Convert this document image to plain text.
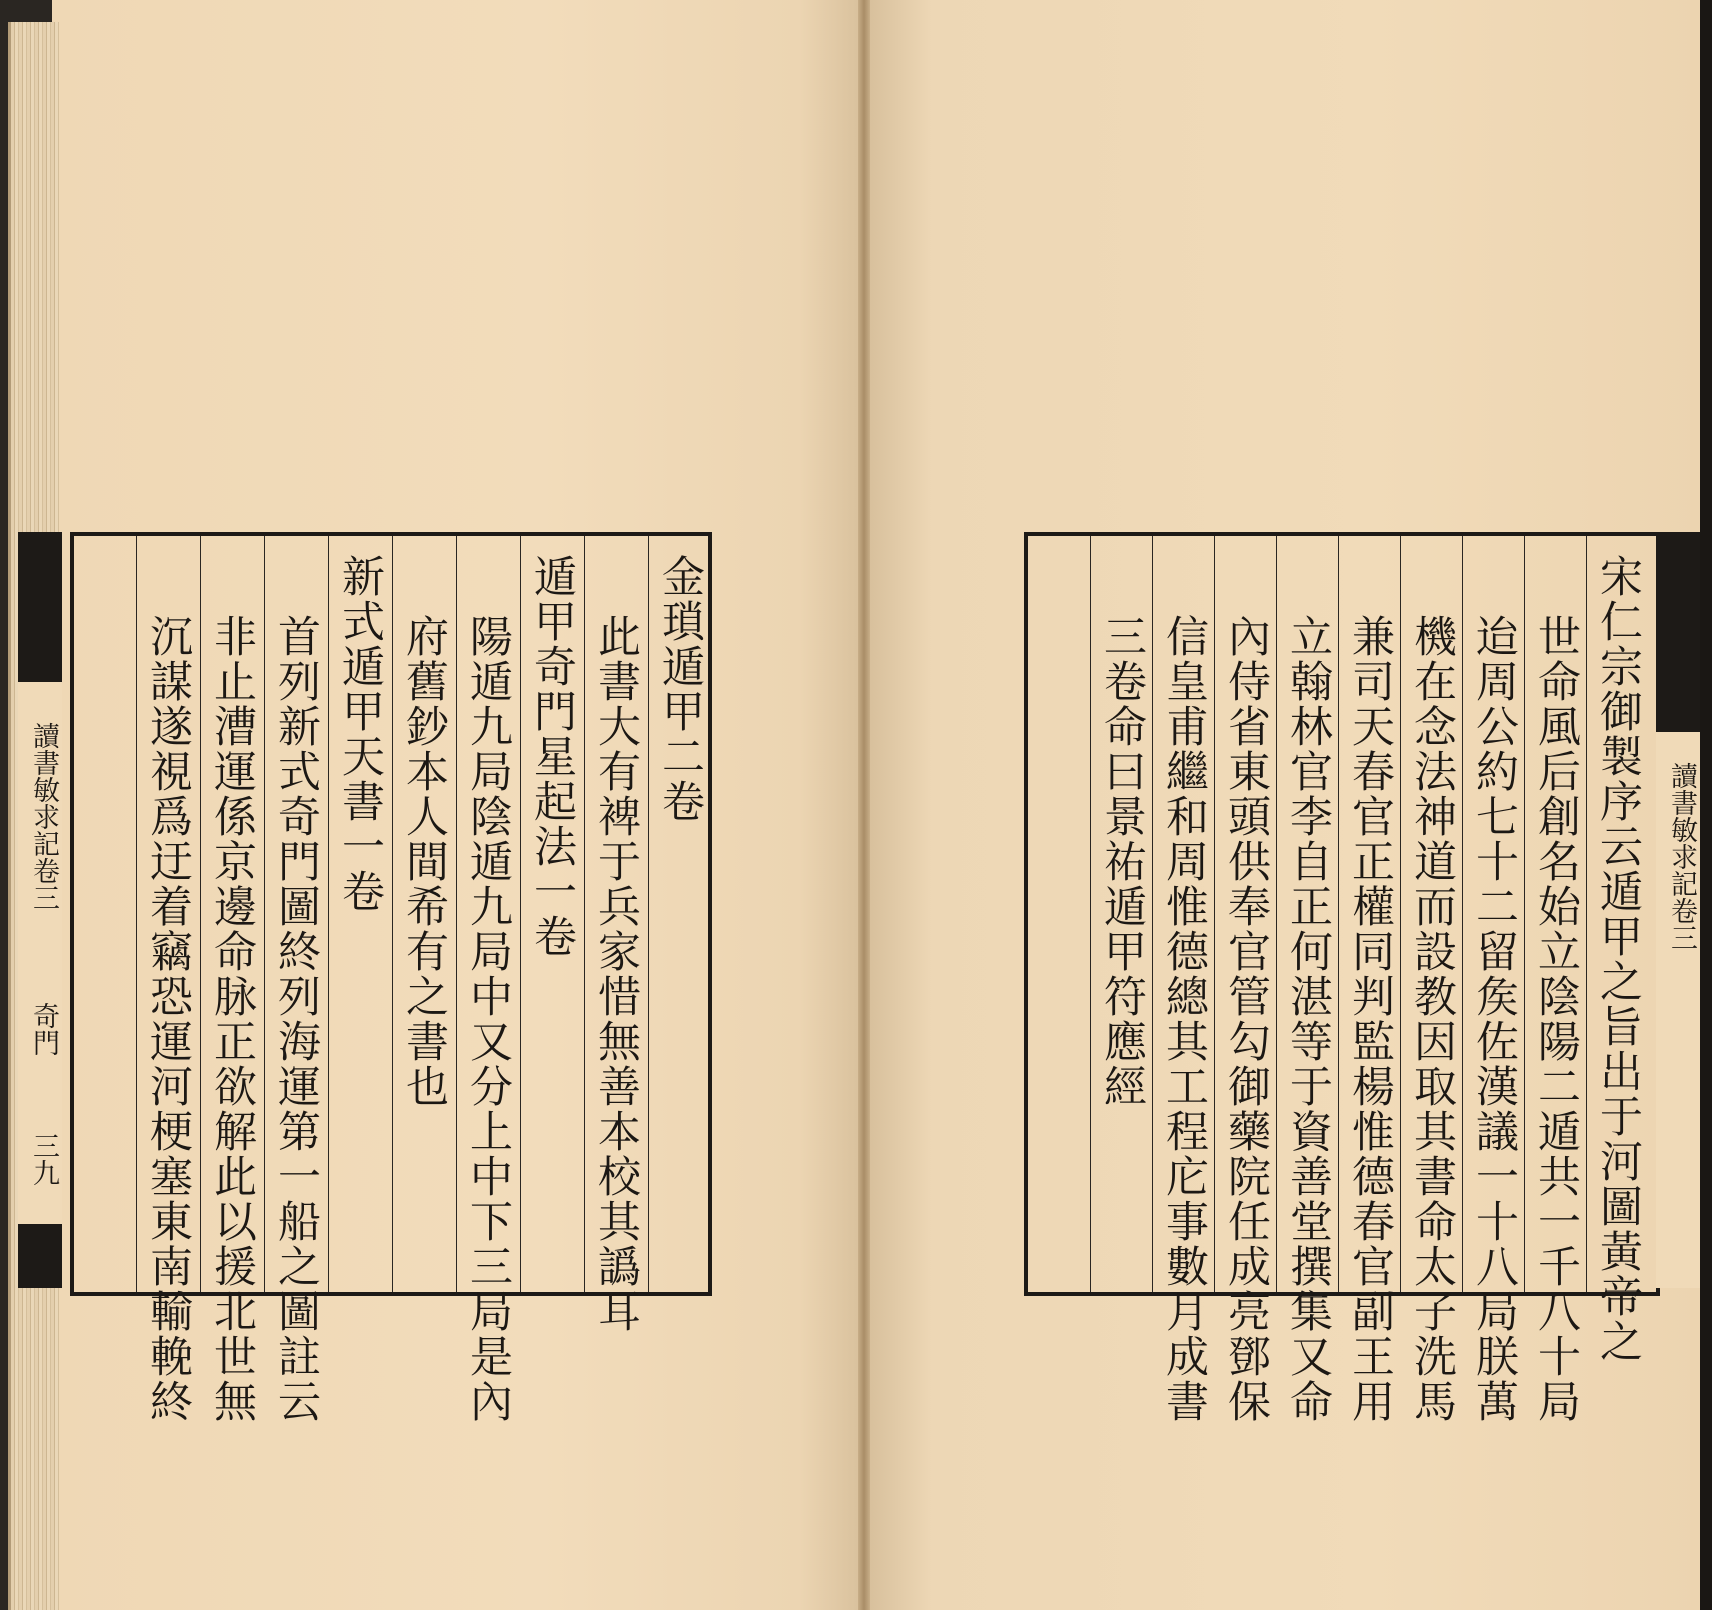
讀書敏求記卷三
奇門
三九
金瑣遁甲二卷
此書大有裨于兵家惜無善本校其譌耳
遁甲奇門星起法一卷
陽遁九局陰遁九局中又分上中下三局是內
府舊鈔本人間希有之書也
新式遁甲天書一卷
首列新式奇門圖終列海運第一船之圖註云
非止漕運係京邊命脉正欲解此以援北世無
沉謀遂視爲迂着竊恐運河梗塞東南輸輓終	宋仁宗御製序云遁甲之旨出于河圖黃帝之
世命風后創名始立陰陽二遁共一千八十局
迨周公約七十二留矦佐漢議一十八局朕萬
機在念法神道而設教因取其書命太子洗馬
兼司天春官正權同判監楊惟德春官副王用
立翰林官李自正何湛等于資善堂撰集又命
內侍省東頭供奉官管勾御藥院任成亮鄧保
信皇甫繼和周惟德總其工程庀事數月成書
三卷命曰景祐遁甲符應經	讀書敏求記卷三
